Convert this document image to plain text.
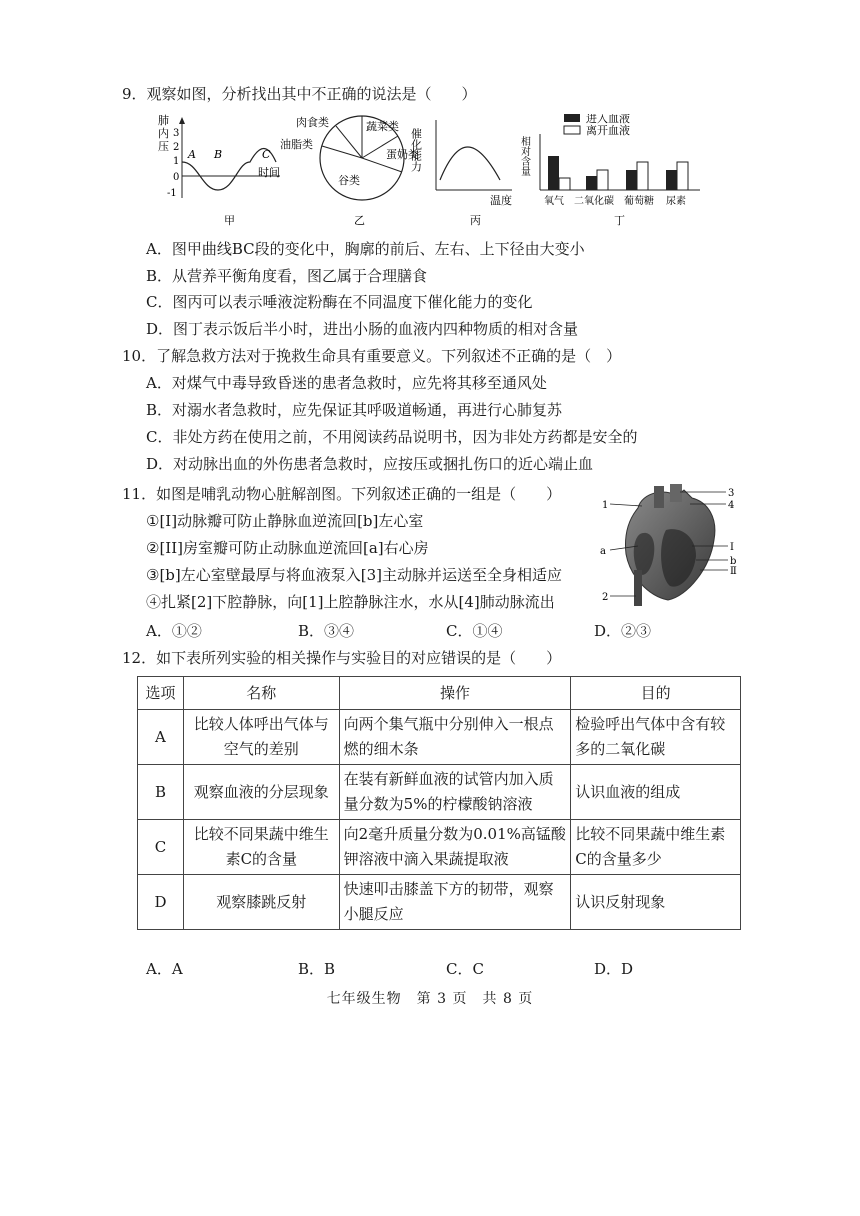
9．观察如图，分析找出其中不正确的说法是（　　）
肺
内
压
3
2
1
0
-1
A B	C
时间
甲
肉食类	蔬菜类
蛋奶类
谷类
油脂类
乙
催化能力
温度
丙
进入血液
离开血液
相对含量
氧气 二氧化碳 葡萄糖 尿素
丁
A．图甲曲线BC段的变化中，胸廓的前后、左右、上下径由大变小
B．从营养平衡角度看，图乙属于合理膳食
C．图丙可以表示唾液淀粉酶在不同温度下催化能力的变化
D．图丁表示饭后半小时，进出小肠的血液内四种物质的相对含量
10．了解急救方法对于挽救生命具有重要意义。下列叙述不正确的是（　）
A．对煤气中毒导致昏迷的患者急救时，应先将其移至通风处
B．对溺水者急救时，应先保证其呼吸道畅通，再进行心肺复苏
C．非处方药在使用之前，不用阅读药品说明书，因为非处方药都是安全的
D．对动脉出血的外伤患者急救时，应按压或捆扎伤口的近心端止血
11．如图是哺乳动物心脏解剖图。下列叙述正确的一组是（　　）
①[I]动脉瓣可防止静脉血逆流回[b]左心室
②[II]房室瓣可防止动脉血逆流回[a]右心房
③[b]左心室壁最厚与将血液泵入[3]主动脉并运送至全身相适应
④扎紧[2]下腔静脉，向[1]上腔静脉注水，水从[4]肺动脉流出
1
a
2
3
4
I
b
Ⅱ
A．①②	B．③④	C．①④	D．②③
12．如下表所列实验的相关操作与实验目的对应错误的是（　　）
选项	名称	操作	目的
A	比较人体呼出气体与空气的差别	向两个集气瓶中分别伸入一根点燃的细木条	检验呼出气体中含有较多的二氧化碳
B	观察血液的分层现象	在装有新鲜血液的试管内加入质量分数为5%的柠檬酸钠溶液	认识血液的组成
C	比较不同果蔬中维生素C的含量	向2毫升质量分数为0.01%高锰酸钾溶液中滴入果蔬提取液	比较不同果蔬中维生素C的含量多少
D	观察膝跳反射	快速叩击膝盖下方的韧带，观察小腿反应	认识反射现象
A．A	B．B	C．C	D．D
七年级生物　第 3 页　共 8 页
